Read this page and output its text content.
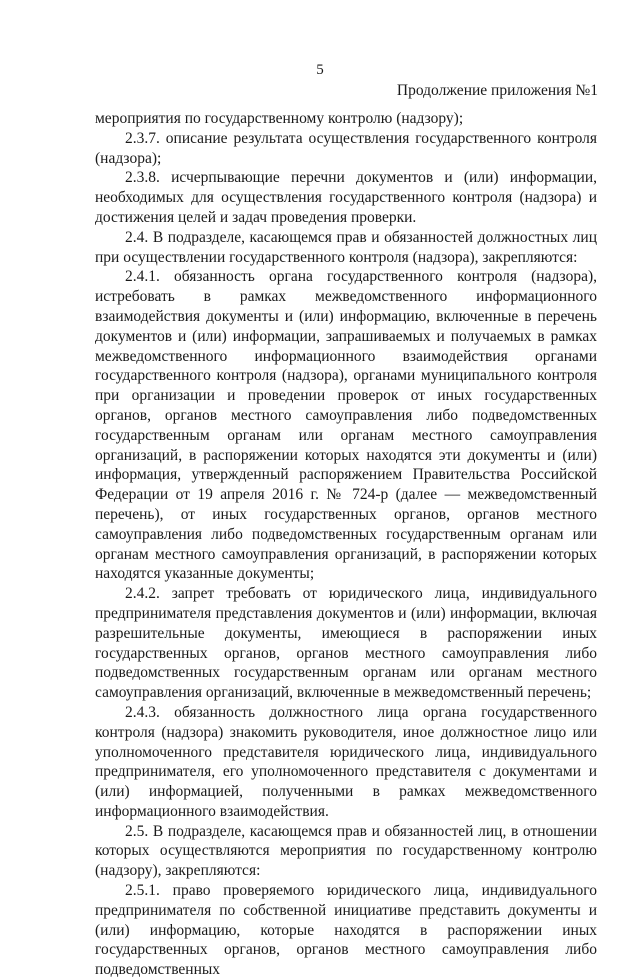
5
Продолжение приложения №1

мероприятия по государственному контролю (надзору);

2.3.7. описание результата осуществления государственного контроля (надзора);

2.3.8. исчерпывающие перечни документов и (или) информации, необходимых для осуществления государственного контроля (надзора) и достижения целей и задач проведения проверки.

2.4. В подразделе, касающемся прав и обязанностей должностных лиц при осуществлении государственного контроля (надзора), закрепляются:

2.4.1. обязанность органа государственного контроля (надзора), истребовать в рамках межведомственного информационного взаимодействия документы и (или) информацию, включенные в перечень документов и (или) информации, запрашиваемых и получаемых в рамках межведомственного информационного взаимодействия органами государственного контроля (надзора), органами муниципального контроля при организации и проведении проверок от иных государственных органов, органов местного самоуправления либо подведомственных государственным органам или органам местного самоуправления организаций, в распоряжении которых находятся эти документы и (или) информация, утвержденный распоряжением Правительства Российской Федерации от 19 апреля 2016 г. № 724-р (далее — межведомственный перечень), от иных государственных органов, органов местного самоуправления либо подведомственных государственным органам или органам местного самоуправления организаций, в распоряжении которых находятся указанные документы;

2.4.2. запрет требовать от юридического лица, индивидуального предпринимателя представления документов и (или) информации, включая разрешительные документы, имеющиеся в распоряжении иных государственных органов, органов местного самоуправления либо подведомственных государственным органам или органам местного самоуправления организаций, включенные в межведомственный перечень;

2.4.3. обязанность должностного лица органа государственного контроля (надзора) знакомить руководителя, иное должностное лицо или уполномоченного представителя юридического лица, индивидуального предпринимателя, его уполномоченного представителя с документами и (или) информацией, полученными в рамках межведомственного информационного взаимодействия.

2.5. В подразделе, касающемся прав и обязанностей лиц, в отношении которых осуществляются мероприятия по государственному контролю (надзору), закрепляются:

2.5.1. право проверяемого юридического лица, индивидуального предпринимателя по собственной инициативе представить документы и (или) информацию, которые находятся в распоряжении иных государственных органов, органов местного самоуправления либо подведомственных
